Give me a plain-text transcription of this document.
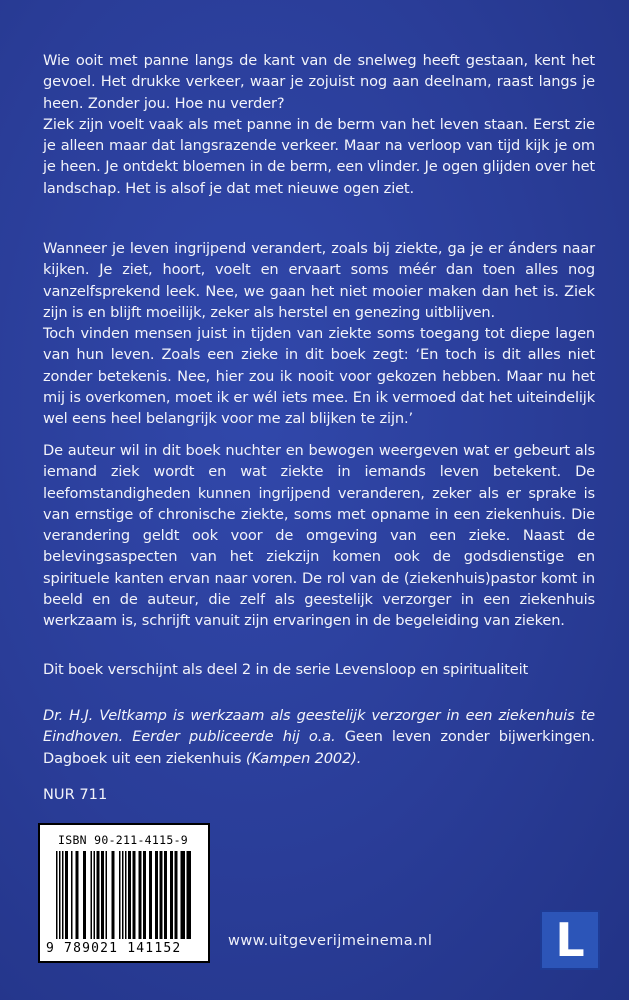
Wie ooit met panne langs de kant van de snelweg heeft gestaan, kent het gevoel. Het drukke verkeer, waar je zojuist nog aan deelnam, raast langs je heen. Zonder jou. Hoe nu verder?

Ziek zijn voelt vaak als met panne in de berm van het leven staan. Eerst zie je alleen maar dat langsrazende verkeer. Maar na verloop van tijd kijk je om je heen. Je ontdekt bloemen in de berm, een vlinder. Je ogen glijden over het landschap. Het is alsof je dat met nieuwe ogen ziet.

Wanneer je leven ingrijpend verandert, zoals bij ziekte, ga je er ánders naar kijken. Je ziet, hoort, voelt en ervaart soms méér dan toen alles nog vanzelfsprekend leek. Nee, we gaan het niet mooier maken dan het is. Ziek zijn is en blijft moeilijk, zeker als herstel en genezing uitblijven.

Toch vinden mensen juist in tijden van ziekte soms toegang tot diepe lagen van hun leven. Zoals een zieke in dit boek zegt: ‘En toch is dit alles niet zonder betekenis. Nee, hier zou ik nooit voor gekozen hebben. Maar nu het mij is overkomen, moet ik er wél iets mee. En ik vermoed dat het uiteindelijk wel eens heel belangrijk voor me zal blijken te zijn.’

De auteur wil in dit boek nuchter en bewogen weergeven wat er gebeurt als iemand ziek wordt en wat ziekte in iemands leven betekent. De leefomstandigheden kunnen ingrijpend veranderen, zeker als er sprake is van ernstige of chronische ziekte, soms met opname in een ziekenhuis. Die verandering geldt ook voor de omgeving van een zieke. Naast de belevingsaspecten van het ziekzijn komen ook de godsdienstige en spirituele kanten ervan naar voren. De rol van de (ziekenhuis)pastor komt in beeld en de auteur, die zelf als geestelijk verzorger in een ziekenhuis werkzaam is, schrijft vanuit zijn ervaringen in de begeleiding van zieken.

Dit boek verschijnt als deel 2 in de serie Levensloop en spiritualiteit

Dr. H.J. Veltkamp is werkzaam als geestelijk verzorger in een ziekenhuis te Eindhoven. Eerder publiceerde hij o.a. Geen leven zonder bijwerkingen. Dagboek uit een ziekenhuis (Kampen 2002).

NUR 711
ISBN 90-211-4115-9
9 789021 141152	www.uitgeverijmeinema.nl	L
